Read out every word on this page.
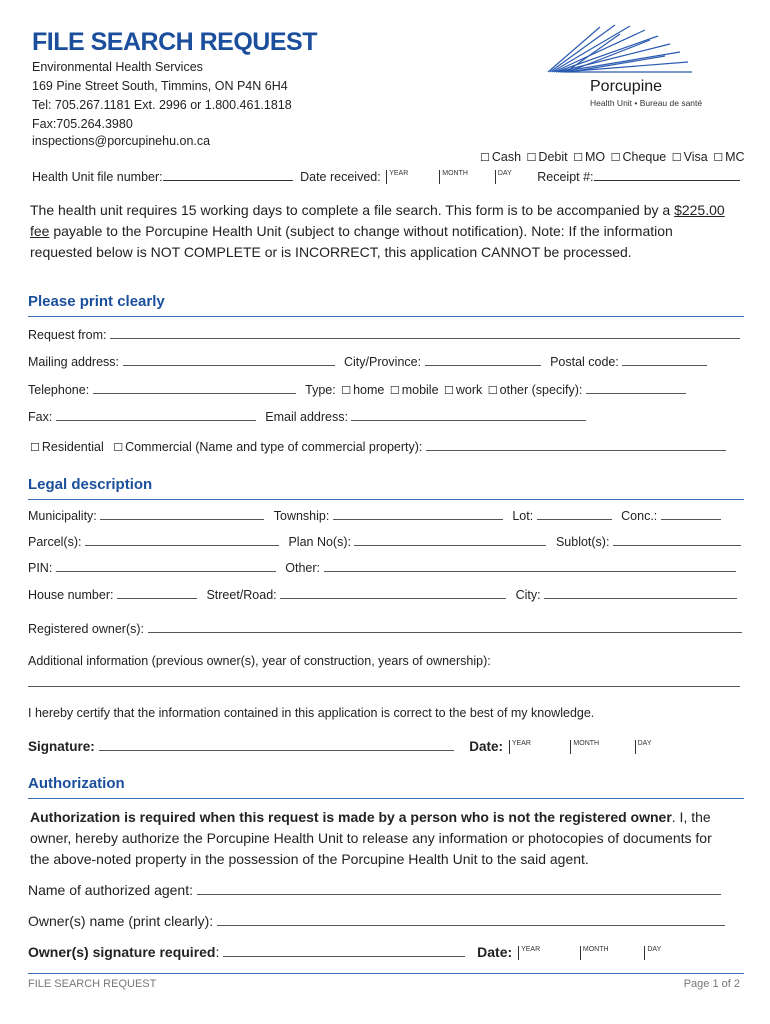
FILE SEARCH REQUEST
Environmental Health Services
169 Pine Street South, Timmins, ON P4N 6H4
Tel: 705.267.1181 Ext. 2996 or 1.800.461.1818
Fax:705.264.3980
inspections@porcupinehu.on.ca
Porcupine
Health Unit • Bureau de santé
☐ Cash ☐ Debit ☐ MO ☐ Cheque ☐ Visa ☐ MC
Health Unit file number:	Date received: $^{YEAR}$	$^{MONTH}$	$^{DAY}$ Receipt #:
The health unit requires 15 working days to complete a file search. This form is to be accompanied by a $225.00 fee payable to the Porcupine Health Unit (subject to change without notification). Note: If the information requested below is NOT COMPLETE or is INCORRECT, this application CANNOT be processed.
Please print clearly
Request from:
Mailing address:	City/Province:	Postal code:
Telephone:	Type: ☐ home ☐ mobile ☐ work ☐ other (specify):
Fax:	Email address:
☐ Residential ☐ Commercial (Name and type of commercial property):
Legal description
Municipality:	Township:	Lot:	Conc.:
Parcel(s):	Plan No(s):	Sublot(s):
PIN:	Other:
House number:	Street/Road:	City:
Registered owner(s):
Additional information (previous owner(s), year of construction, years of ownership):
I hereby certify that the information contained in this application is correct to the best of my knowledge.
Signature:	Date: $^{YEAR}$	$^{MONTH}$	$^{DAY}$
Authorization
Authorization is required when this request is made by a person who is not the registered owner. I, the owner, hereby authorize the Porcupine Health Unit to release any information or photocopies of documents for the above-noted property in the possession of the Porcupine Health Unit to the said agent.
Name of authorized agent:
Owner(s) name (print clearly):
Owner(s) signature required:	Date: $^{YEAR}$	$^{MONTH}$	$^{DAY}$
FILE SEARCH REQUEST	Page 1 of 2
